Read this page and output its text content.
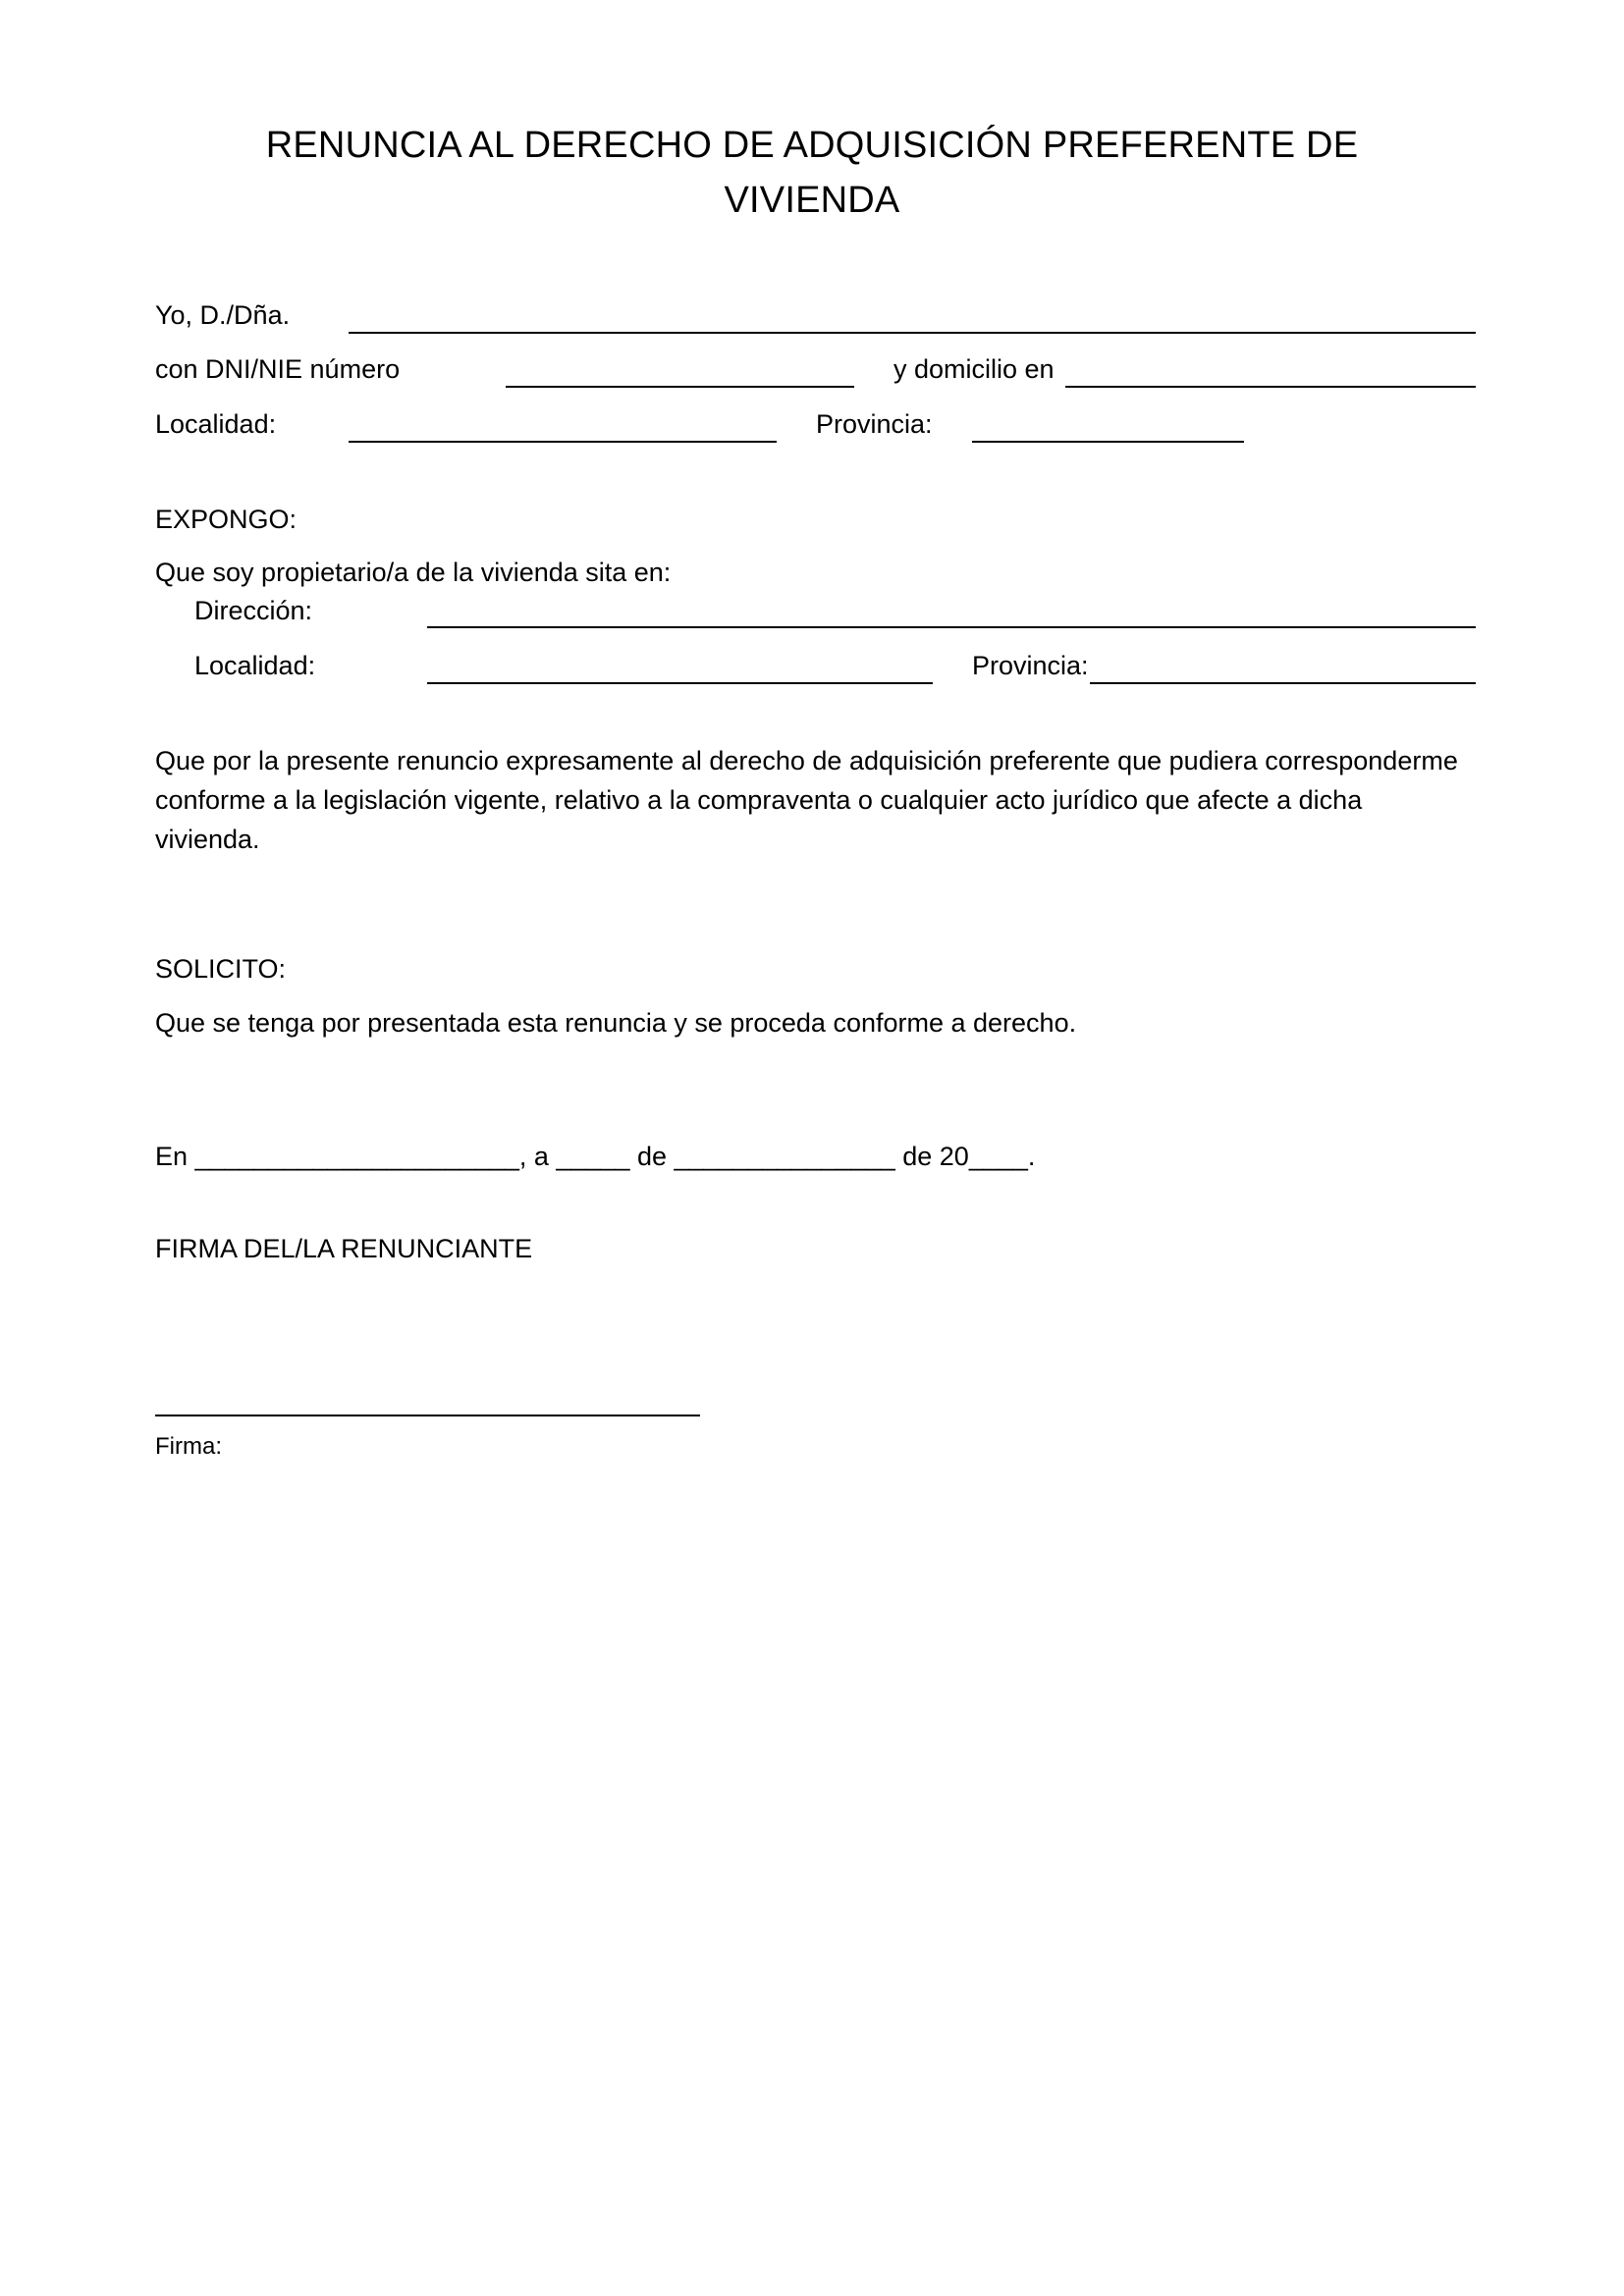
RENUNCIA AL DERECHO DE ADQUISICIÓN PREFERENTE DE
VIVIENDA
Yo, D./Dña.
con DNI/NIE número	y domicilio en
Localidad:	Provincia:
EXPONGO:
Que soy propietario/a de la vivienda sita en:
Dirección:
Localidad:	Provincia:
Que por la presente renuncio expresamente al derecho de adquisición preferente que pudiera corresponderme conforme a la legislación vigente, relativo a la compraventa o cualquier acto jurídico que afecte a dicha vivienda.
SOLICITO:
Que se tenga por presentada esta renuncia y se proceda conforme a derecho.
En ______________________, a _____ de _______________ de 20____.
FIRMA DEL/LA RENUNCIANTE
Firma:
